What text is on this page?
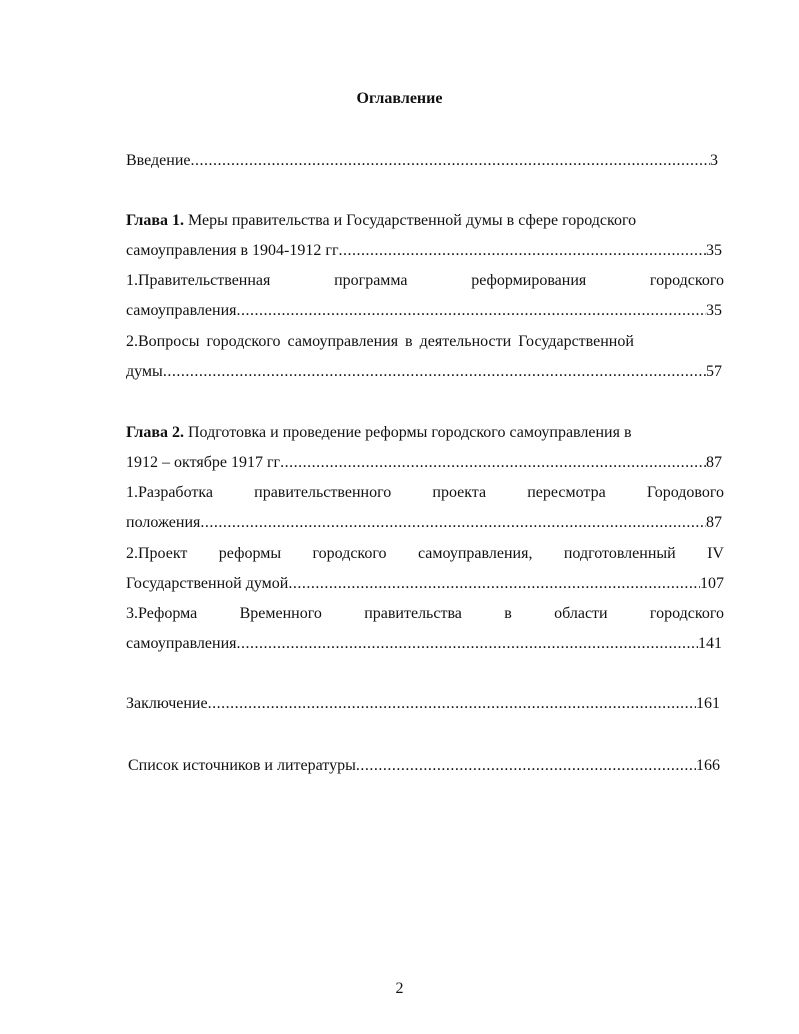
Оглавление
Введение .....	3
Глава 1. Меры правительства и Государственной думы в сфере городского
самоуправления в 1904-1912 гг .....	35
1.Правительственная	программа	реформирования	городского
самоуправления .....	35
2.Вопросы городского самоуправления в деятельности Государственной
думы .....	57
Глава 2. Подготовка и проведение реформы городского самоуправления в
1912 – октябре 1917 гг .....	87
1.Разработка	правительственного	проекта	пересмотра	Городового
положения .....	87
2.Проект реформы городского самоуправления, подготовленный IV
Государственной думой .....	107
3.Реформа	Временного	правительства	в	области	городского
самоуправления .....	141
Заключение .....	161
Список источников и литературы .....	166
2
